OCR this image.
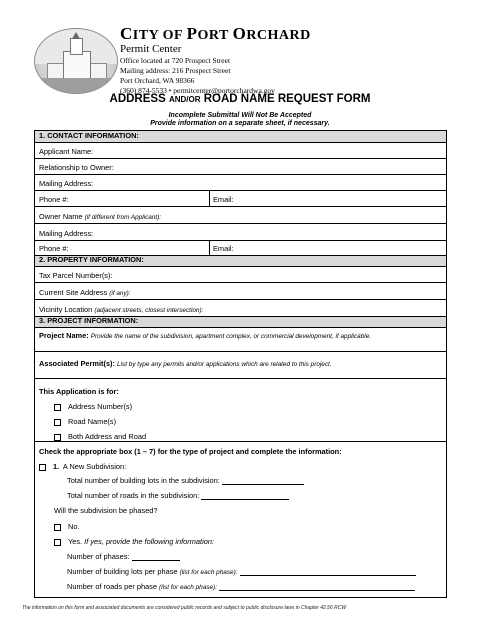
CITY OF PORT ORCHARD
Permit Center
Office located at 720 Prospect Street
Mailing address: 216 Prospect Street
Port Orchard, WA 98366
(360) 874-5533 • permitcenter@portorchardwa.gov
ADDRESS AND/OR ROAD NAME REQUEST FORM
Incomplete Submittal Will Not Be Accepted
Provide information on a separate sheet, if necessary.
1. CONTACT INFORMATION:
Applicant Name:
Relationship to Owner:
Mailing Address:
Phone #:	Email:
Owner Name (if different from Applicant):
Mailing Address:
Phone #:	Email:
2. PROPERTY INFORMATION:
Tax Parcel Number(s):
Current Site Address (if any):
Vicinity Location (adjacent streets, closest intersection):
3. PROJECT INFORMATION:
Project Name: Provide the name of the subdivision, apartment complex, or commercial development, if applicable.
Associated Permit(s): List by type any permits and/or applications which are related to this project.
This Application is for:
Address Number(s)
Road Name(s)
Both Address and Road
Check the appropriate box (1 – 7) for the type of project and complete the information:
1. A New Subdivision:
Total number of building lots in the subdivision:
Total number of roads in the subdivision:
Will the subdivision be phased?
No.
Yes. If yes, provide the following information:
Number of phases:
Number of building lots per phase (list for each phase):
Number of roads per phase (list for each phase):
The information on this form and associated documents are considered public records and subject to public disclosure laws in Chapter 42.56 RCW
